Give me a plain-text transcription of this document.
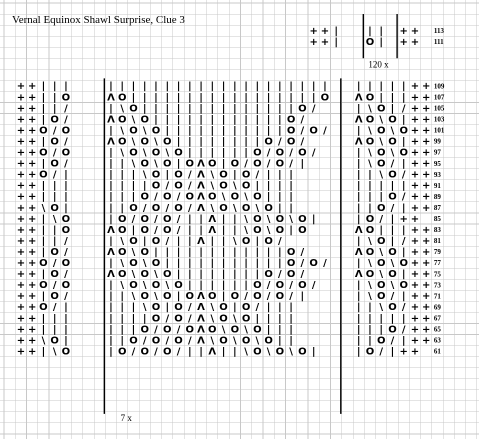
Vernal Equinox Shawl Surprise, Clue 3
120 x
7 x
+ + |	| | + + 113
+ + |	O | + + 111
+ + | | |	| | | | | | | | | | | | | | | | | | | |	| | | | | + + 109
+ + | | O	Λ O | | | | | | | | | | | | | | | | | O	Λ O | | | + + 107
+ + | | /	| \ O | | | | | | | | | | | | | | O /	| \ O | / + + 105
+ + | O /	Λ O \ O | | | | | | | | | | | | O /	Λ O \ O | + + 103
+ + O / O	| \ O \ O | | | | | | | | | | | O / O /	| \ O \ O + + 101
+ + | O /	Λ O \ O \ O | | | | | | | | O / O /	Λ O \ O | + + 99
+ + O / O	| \ O \ O \ O | | | | | | O / O / O /	| \ O \ O + + 97
+ + | O /	| | \ O \ O | O Λ O | O / O / O / |	| \ O / | + + 95
+ + O / |	| | | \ O | O / Λ \ O | O / | | |	| | \ O / + + 93
+ + | | |	| | | | O / O / Λ \ O \ O | | | |	| | | | | + + 91
+ + | | |	| | | O / O / O Λ O \ O \ O | | |	| | | O / + + 89
+ + \ O |	| | O / O / O / Λ \ O \ O \ O | |	| | O / | + + 87
+ + | \ O	| O / O / O / | | Λ | | \ O \ O \ O |	| O / | + + 85
+ + | | O	Λ O | O / O / | | Λ | | \ O \ O | O	Λ O | | | + + 83
+ + | | /	| \ O | O / | | Λ | | \ O | O /	| \ O | / + + 81
+ + | O /	Λ O \ O | | | | | | | | | | | | O /	Λ O \ O | + + 79
+ + O / O	| \ O \ O | | | | | | | | | | | O / O /	| \ O \ O + + 77
+ + | O /	Λ O \ O \ O | | | | | | | | O / O /	Λ O \ O | + + 75
+ + O / O	| \ O \ O \ O | | | | | | O / O / O /	| \ O \ O + + 73
+ + | O /	| | \ O \ O | O Λ O | O / O / O / |	| \ O / | + + 71
+ + O / |	| | | \ O | O / Λ \ O | O / | | |	| | \ O / + + 69
+ + | | |	| | | | O / O / Λ \ O \ O | | | |	| | | | | + + 67
+ + | | |	| | | O / O / O Λ O \ O \ O | | |	| | | O / + + 65
+ + \ O |	| | O / O / O / Λ \ O \ O \ O | |	| | O / | + + 63
+ + | \ O	| O / O / O / | | Λ | | \ O \ O \ O |	| O / | + + 61
